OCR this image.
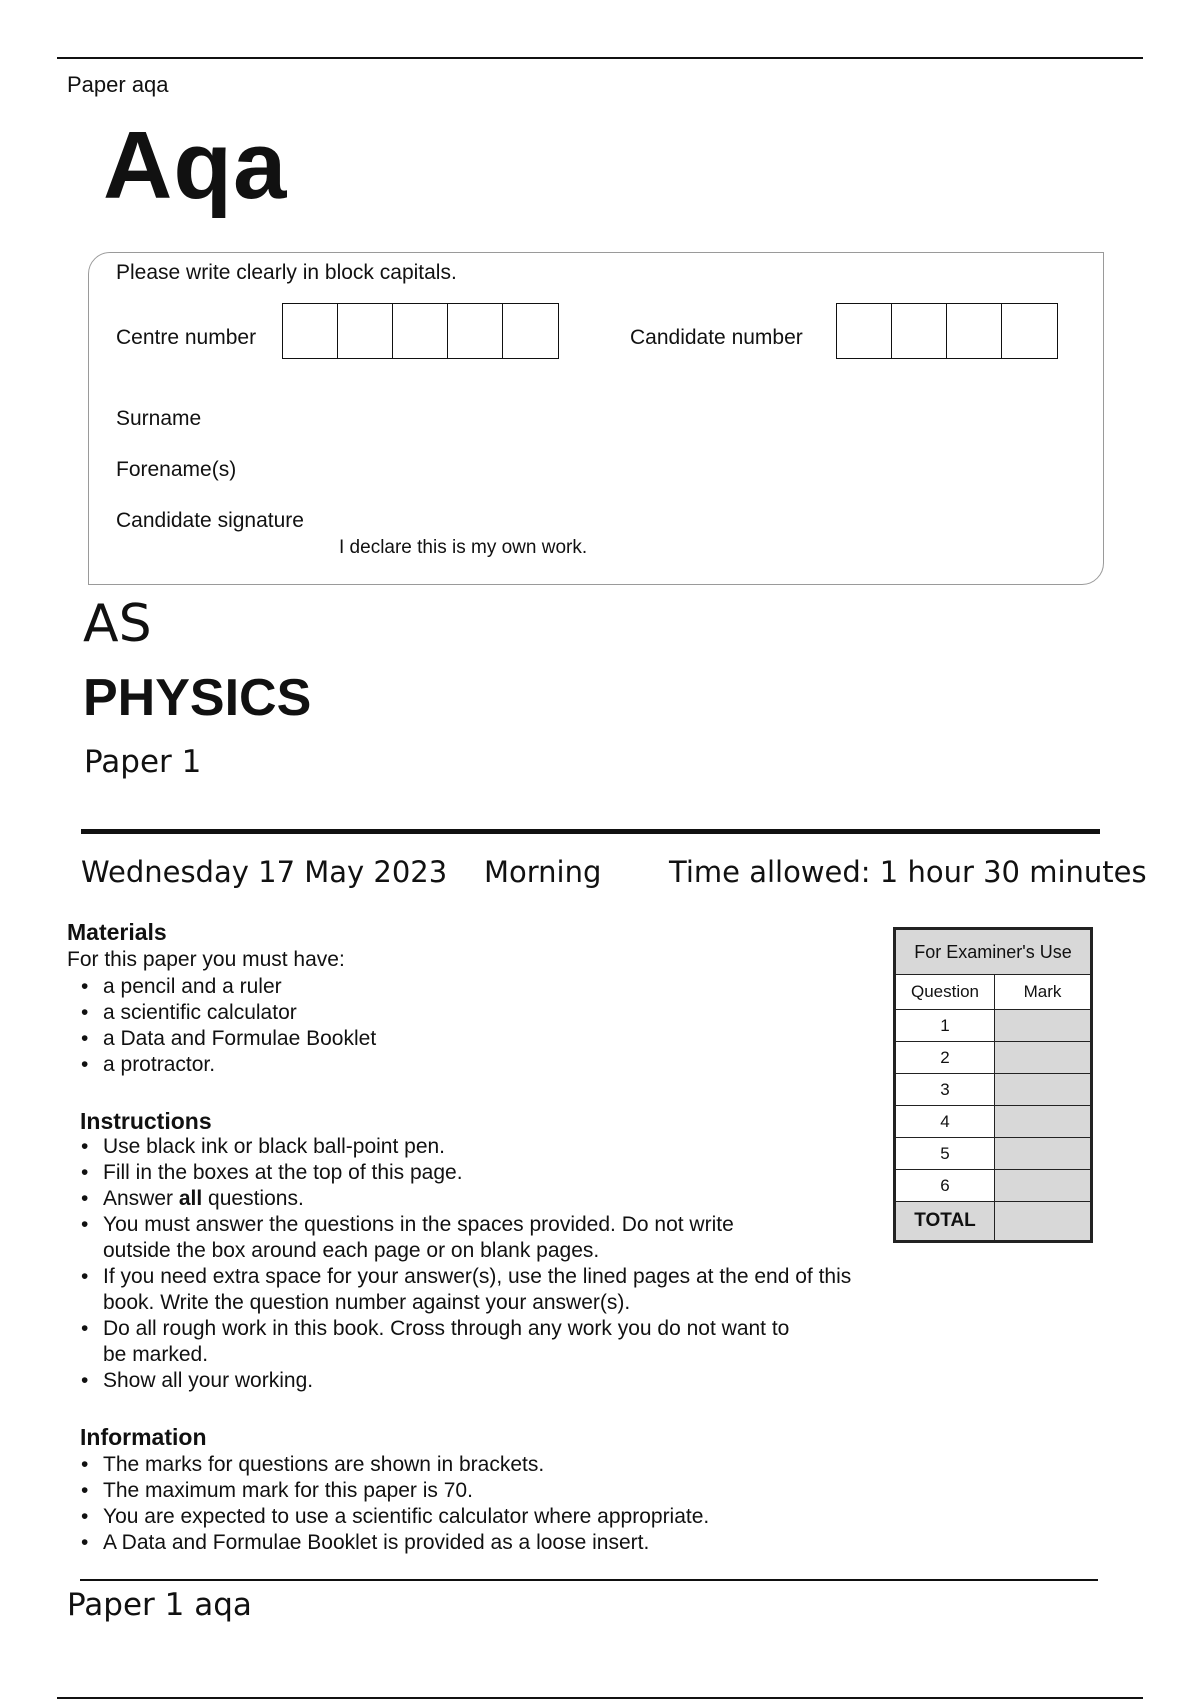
Paper aqa
Aqa
Please write clearly in block capitals.
Centre number	Candidate number
Surname
Forename(s)
Candidate signature
I declare this is my own work.
AS
PHYSICS
Paper 1
Wednesday 17 May 2023 Morning Time allowed: 1 hour 30 minutes
Materials
For this paper you must have:
• a pencil and a ruler
• a scientific calculator
• a Data and Formulae Booklet
• a protractor.
Instructions
• Use black ink or black ball-point pen.
• Fill in the boxes at the top of this page.
• Answer all questions.
• You must answer the questions in the spaces provided. Do not write outside the box around each page or on blank pages.
• If you need extra space for your answer(s), use the lined pages at the end of this book. Write the question number against your answer(s).
• Do all rough work in this book. Cross through any work you do not want to be marked.
• Show all your working.
Information
• The marks for questions are shown in brackets.
• The maximum mark for this paper is 70.
• You are expected to use a scientific calculator where appropriate.
• A Data and Formulae Booklet is provided as a loose insert.
For Examiner's Use	
Question	Mark
1	
2	
3	
4	
5	
6	
TOTAL	
Paper 1 aqa
